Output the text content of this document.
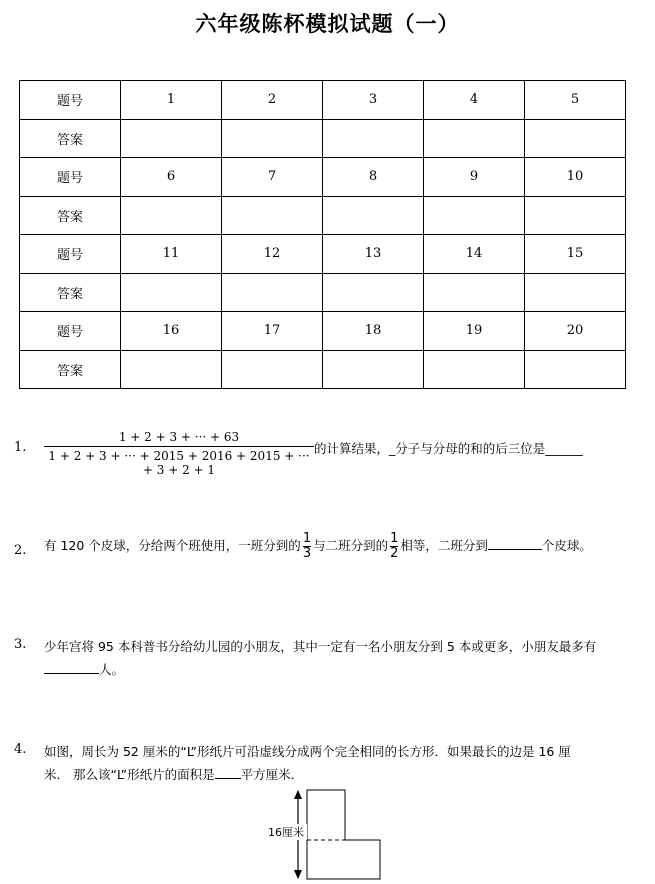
六年级陈杯模拟试题（一）
题号	1	2	3	4	5
答案					
题号	6	7	8	9	10
答案					
题号	11	12	13	14	15
答案					
题号	16	17	18	19	20
答案					
1. $\frac{1 + 2 + 3 + \cdot\cdot\cdot + 63}{1 + 2 + 3 + \cdot\cdot\cdot + 2015 + 2016 + 2015 + \cdot\cdot\cdot + 3 + 2 + 1}$ 的计算结果，_分子与分母的和的后三位是______
2. 有 120 个皮球，分给两个班使用，一班分到的 $\frac{1}{3}$ 与二班分到的 $\frac{1}{2}$ 相等，二班分到	个皮球。
3. 少年宫将 95 本科普书分给幼儿园的小朋友，其中一定有一名小朋友分到 5 本或更多，小朋友最多有
人。
4. 如图，周长为 52 厘米的“L”形纸片可沿虚线分成两个完全相同的长方形．如果最长的边是 16 厘
米． 那么该“L”形纸片的面积是 平方厘米．
16厘米
